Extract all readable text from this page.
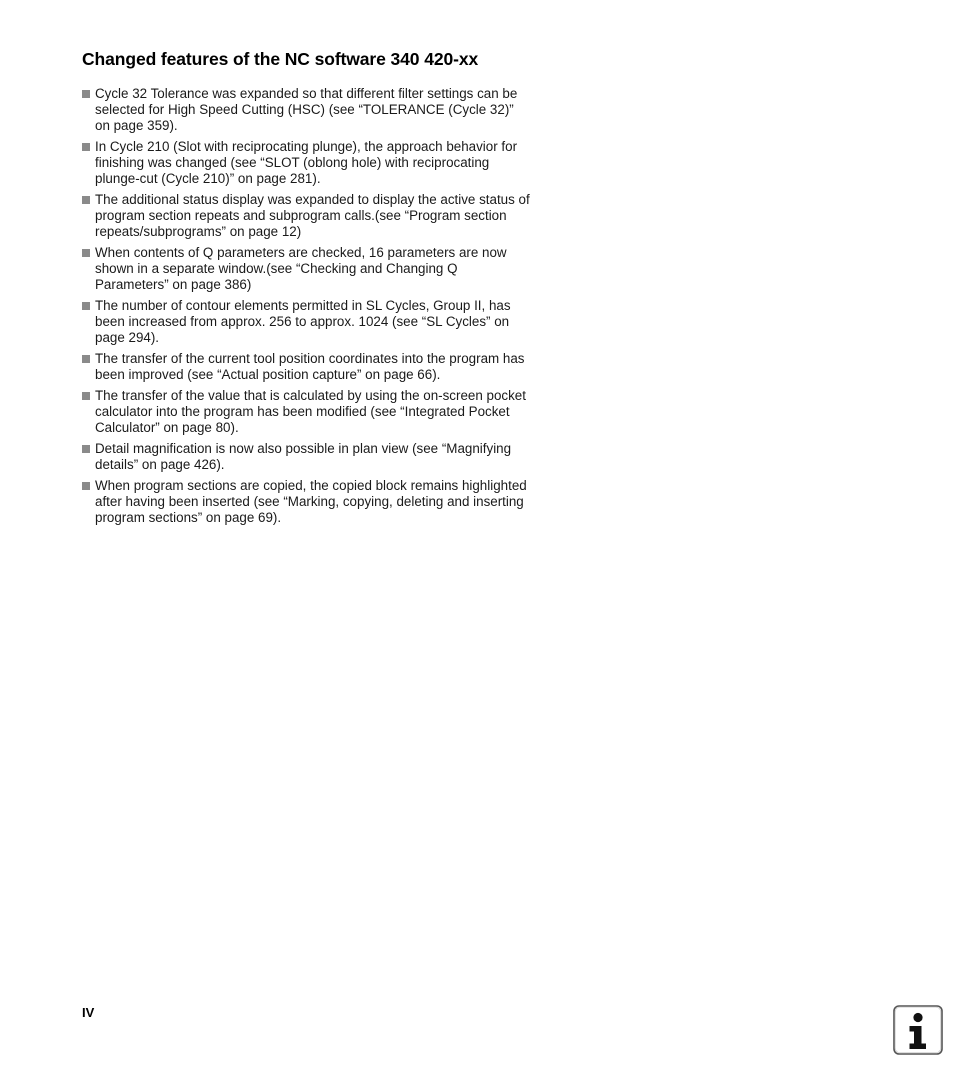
Changed features of the NC software 340 420-xx
Cycle 32 Tolerance was expanded so that different filter settings can be selected for High Speed Cutting (HSC) (see “TOLERANCE (Cycle 32)” on page 359).
In Cycle 210 (Slot with reciprocating plunge), the approach behavior for finishing was changed (see “SLOT (oblong hole) with reciprocating plunge-cut (Cycle 210)” on page 281).
The additional status display was expanded to display the active status of program section repeats and subprogram calls.(see “Program section repeats/subprograms” on page 12)
When contents of Q parameters are checked, 16 parameters are now shown in a separate window.(see “Checking and Changing Q Parameters” on page 386)
The number of contour elements permitted in SL Cycles, Group II, has been increased from approx. 256 to approx. 1024 (see “SL Cycles” on page 294).
The transfer of the current tool position coordinates into the program has been improved (see “Actual position capture” on page 66).
The transfer of the value that is calculated by using the on-screen pocket calculator into the program has been modified (see “Integrated Pocket Calculator” on page 80).
Detail magnification is now also possible in plan view (see “Magnifying details” on page 426).
When program sections are copied, the copied block remains highlighted after having been inserted (see “Marking, copying, deleting and inserting program sections” on page 69).
IV
